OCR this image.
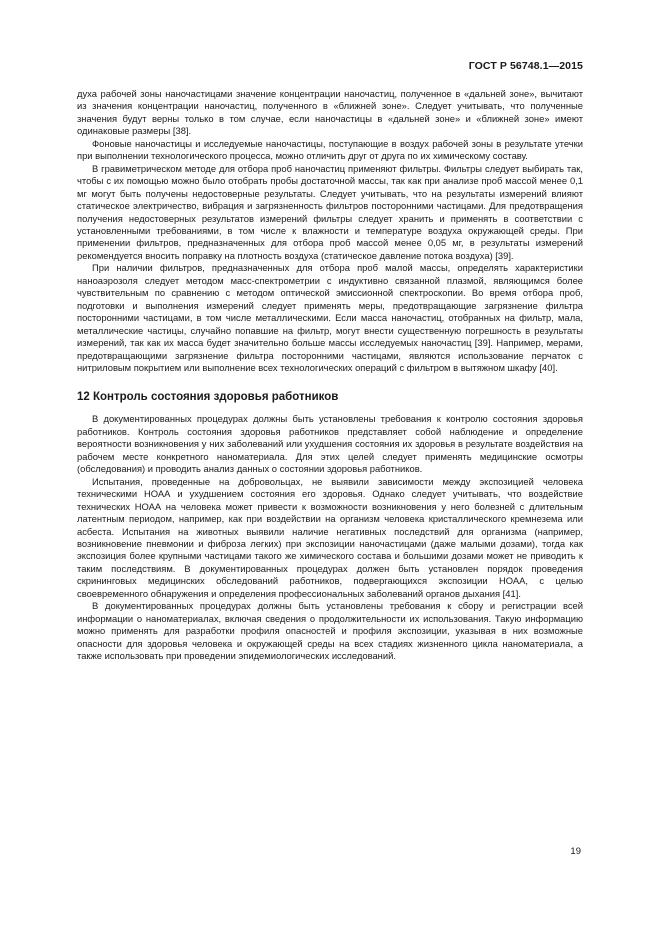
ГОСТ Р 56748.1—2015

духа рабочей зоны наночастицами значение концентрации наночастиц, полученное в «дальней зоне», вычитают из значения концентрации наночастиц, полученного в «ближней зоне». Следует учитывать, что полученные значения будут верны только в том случае, если наночастицы в «дальней зоне» и «ближней зоне» имеют одинаковые размеры [38].

Фоновые наночастицы и исследуемые наночастицы, поступающие в воздух рабочей зоны в результате утечки при выполнении технологического процесса, можно отличить друг от друга по их химическому составу.

В гравиметрическом методе для отбора проб наночастиц применяют фильтры. Фильтры следует выбирать так, чтобы с их помощью можно было отобрать пробы достаточной массы, так как при анализе проб массой менее 0,1 мг могут быть получены недостоверные результаты. Следует учитывать, что на результаты измерений влияют статическое электричество, вибрация и загрязненность фильтров посторонними частицами. Для предотвращения получения недостоверных результатов измерений фильтры следует хранить и применять в соответствии с установленными требованиями, в том числе к влажности и температуре воздуха окружающей среды. При применении фильтров, предназначенных для отбора проб массой менее 0,05 мг, в результаты измерений рекомендуется вносить поправку на плотность воздуха (статическое давление потока воздуха) [39].

При наличии фильтров, предназначенных для отбора проб малой массы, определять характеристики наноаэрозоля следует методом масс-спектрометрии с индуктивно связанной плазмой, являющимся более чувствительным по сравнению с методом оптической эмиссионной спектроскопии. Во время отбора проб, подготовки и выполнения измерений следует применять меры, предотвращающие загрязнение фильтра посторонними частицами, в том числе металлическими. Если масса наночастиц, отобранных на фильтр, мала, металлические частицы, случайно попавшие на фильтр, могут внести существенную погрешность в результаты измерений, так как их масса будет значительно больше массы исследуемых наночастиц [39]. Например, мерами, предотвращающими загрязнение фильтра посторонними частицами, являются использование перчаток с нитриловым покрытием или выполнение всех технологических операций с фильтром в вытяжном шкафу [40].

12 Контроль состояния здоровья работников

В документированных процедурах должны быть установлены требования к контролю состояния здоровья работников. Контроль состояния здоровья работников представляет собой наблюдение и определение вероятности возникновения у них заболеваний или ухудшения состояния их здоровья в результате воздействия на рабочем месте конкретного наноматериала. Для этих целей следует применять медицинские осмотры (обследования) и проводить анализ данных о состоянии здоровья работников.

Испытания, проведенные на добровольцах, не выявили зависимости между экспозицией человека техническими НОАА и ухудшением состояния его здоровья. Однако следует учитывать, что воздействие технических НОАА на человека может привести к возможности возникновения у него болезней с длительным латентным периодом, например, как при воздействии на организм человека кристаллического кремнезема или асбеста. Испытания на животных выявили наличие негативных последствий для организма (например, возникновение пневмонии и фиброза легких) при экспозиции наночастицами (даже малыми дозами), тогда как экспозиция более крупными частицами такого же химического состава и большими дозами может не приводить к таким последствиям. В документированных процедурах должен быть установлен порядок проведения скрининговых медицинских обследований работников, подвергающихся экспозиции НОАА, с целью своевременного обнаружения и определения профессиональных заболеваний органов дыхания [41].

В документированных процедурах должны быть установлены требования к сбору и регистрации всей информации о наноматериалах, включая сведения о продолжительности их использования. Такую информацию можно применять для разработки профиля опасностей и профиля экспозиции, указывая в них возможные опасности для здоровья человека и окружающей среды на всех стадиях жизненного цикла наноматериала, а также использовать при проведении эпидемиологических исследований.

19
